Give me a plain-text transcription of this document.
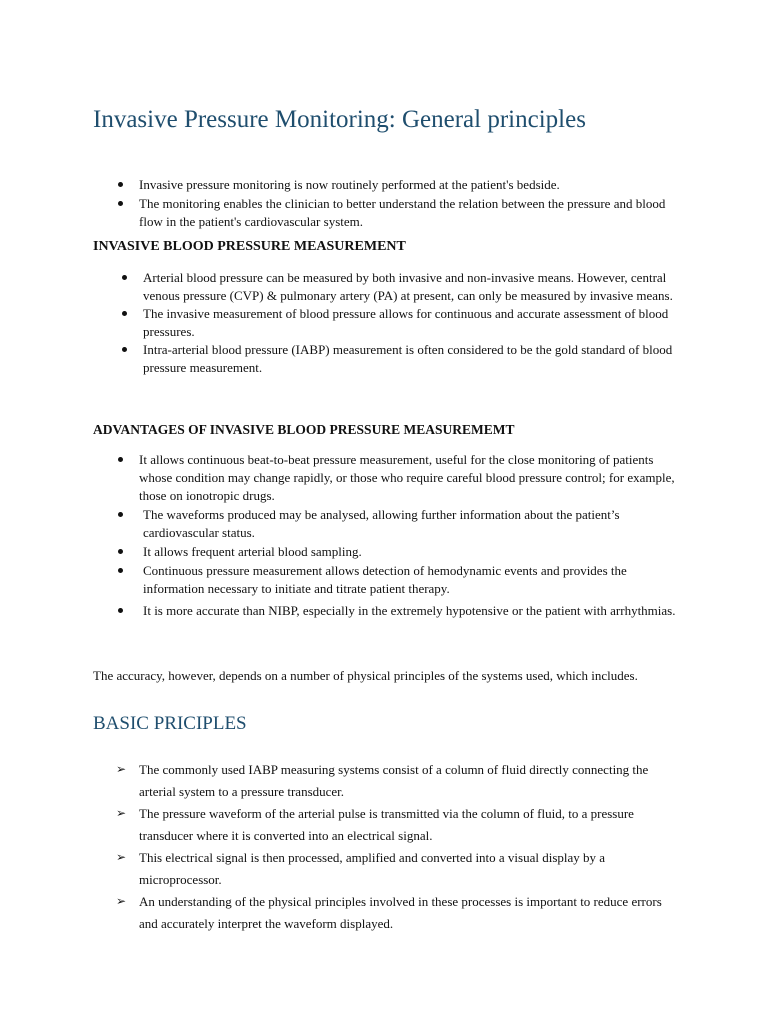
Invasive Pressure Monitoring: General principles
Invasive pressure monitoring is now routinely performed at the patient's bedside.
The monitoring enables the clinician to better understand the relation between the pressure and blood flow in the patient's cardiovascular system.
INVASIVE BLOOD PRESSURE MEASUREMENT
Arterial blood pressure can be measured by both invasive and non-invasive means. However, central venous pressure (CVP) & pulmonary artery (PA) at present, can only be measured by invasive means.
The invasive measurement of blood pressure allows for continuous and accurate assessment of blood pressures.
Intra-arterial blood pressure (IABP) measurement is often considered to be the gold standard of blood pressure measurement.
ADVANTAGES OF INVASIVE BLOOD PRESSURE MEASUREMEMT
It allows continuous beat-to-beat pressure measurement, useful for the close monitoring of patients whose condition may change rapidly, or those who require careful blood pressure control; for example, those on ionotropic drugs.
The waveforms produced may be analysed, allowing further information about the patient’s cardiovascular status.
It allows frequent arterial blood sampling.
Continuous pressure measurement allows detection of hemodynamic events and provides the information necessary to initiate and titrate patient therapy.
It is more accurate than NIBP, especially in the extremely hypotensive or the patient with arrhythmias.

The accuracy, however, depends on a number of physical principles of the systems used, which includes.

BASIC PRICIPLES
➢ The commonly used IABP measuring systems consist of a column of fluid directly connecting the arterial system to a pressure transducer.
➢ The pressure waveform of the arterial pulse is transmitted via the column of fluid, to a pressure transducer where it is converted into an electrical signal.
➢ This electrical signal is then processed, amplified and converted into a visual display by a microprocessor.
➢ An understanding of the physical principles involved in these processes is important to reduce errors and accurately interpret the waveform displayed.
